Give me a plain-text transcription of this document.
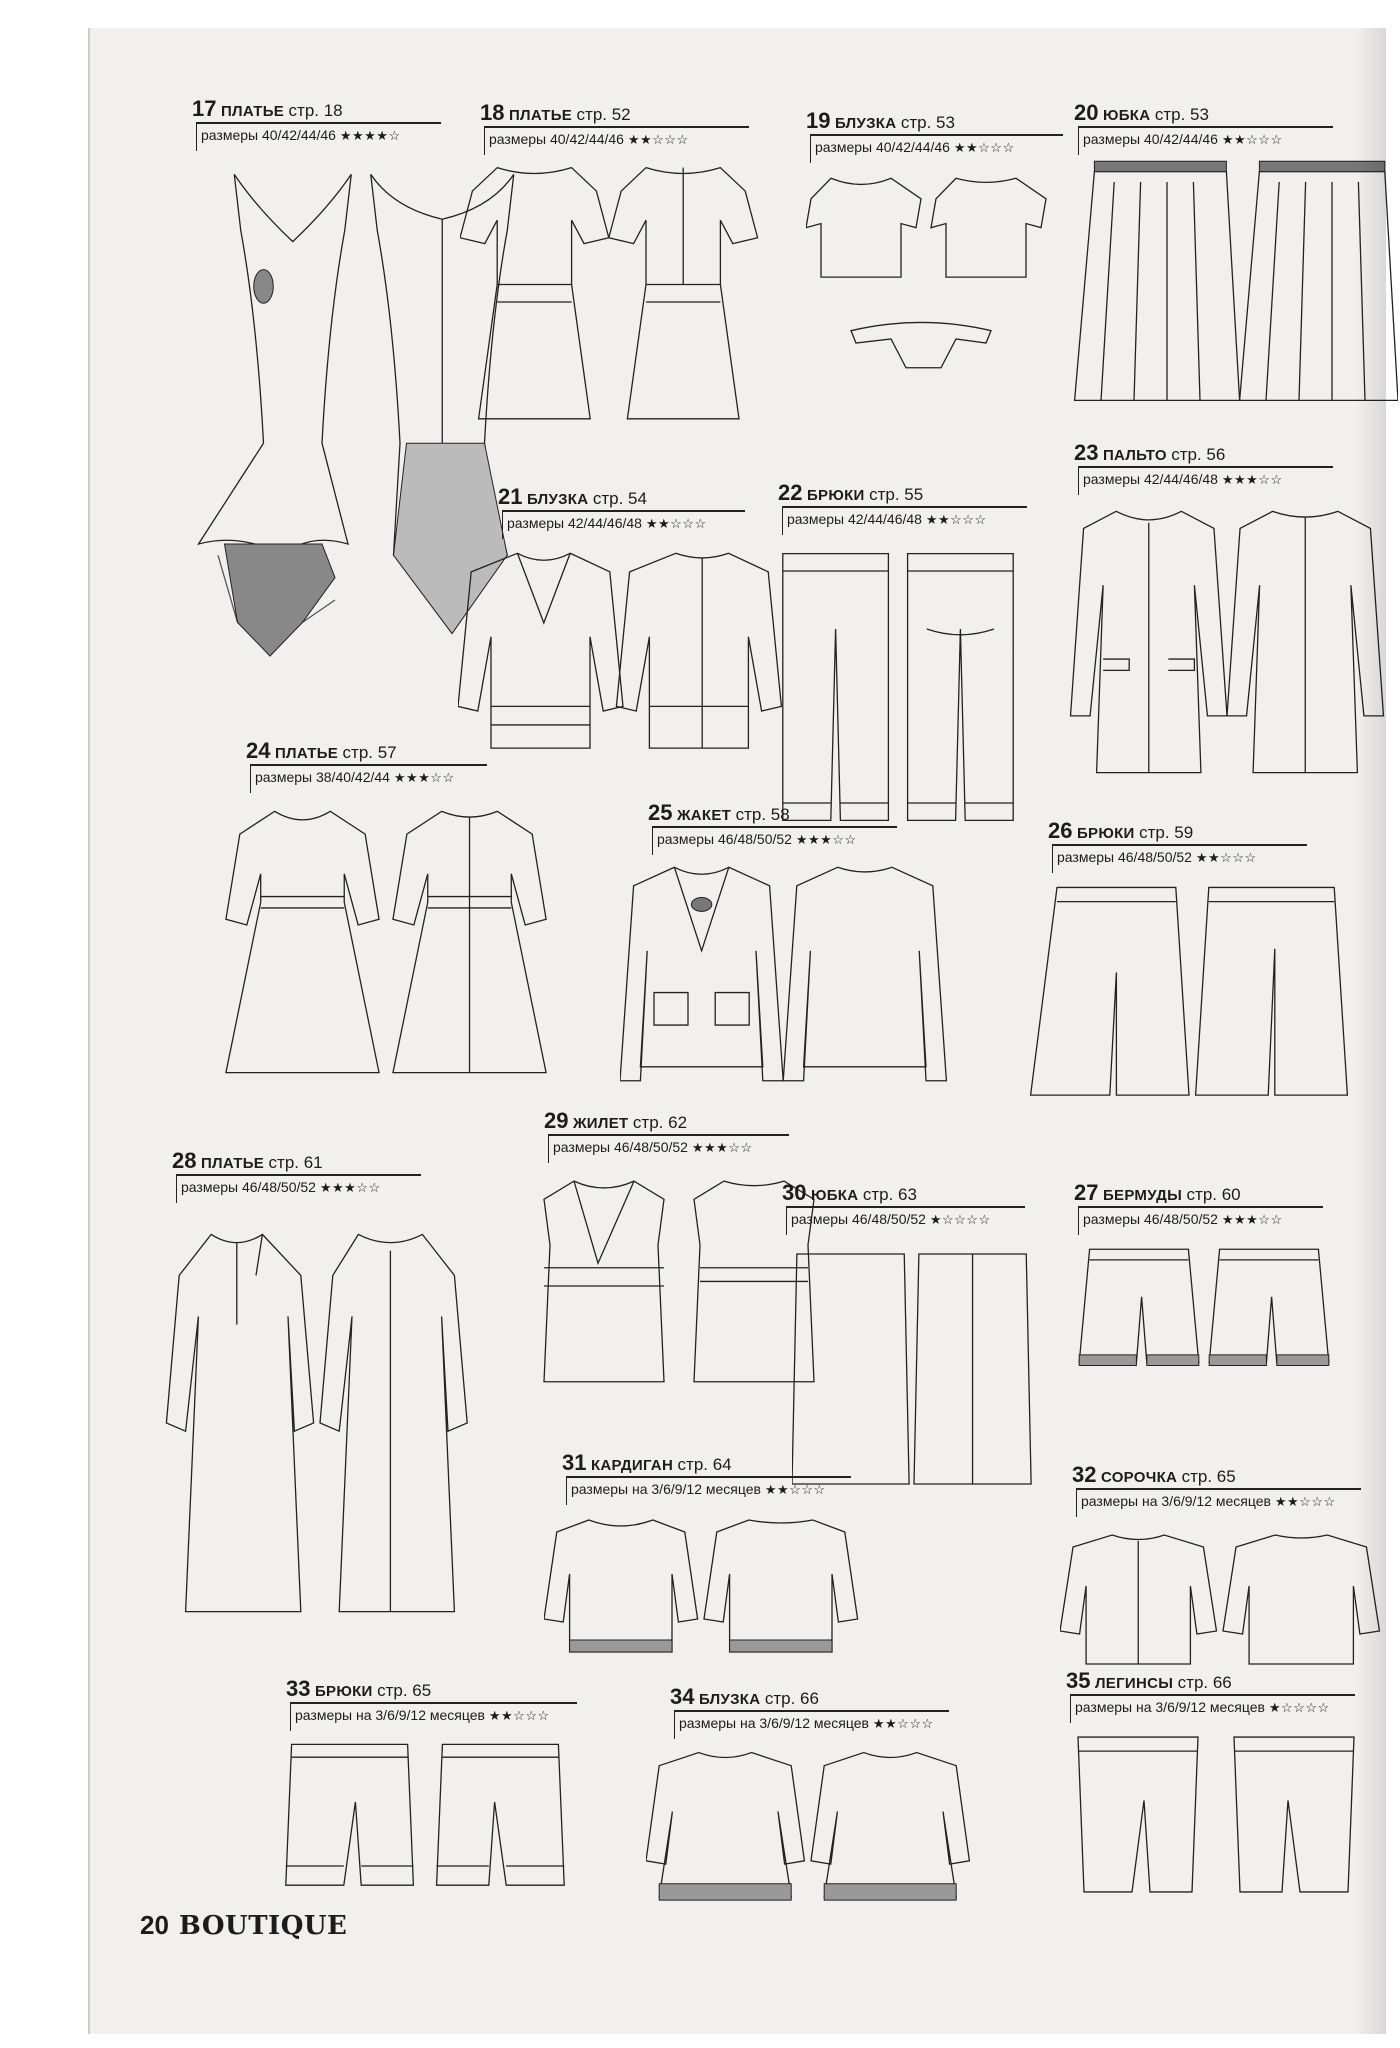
17 ПЛАТЬЕ стр. 18
размеры 40/42/44/46 ★★★★☆
18 ПЛАТЬЕ стр. 52
размеры 40/42/44/46 ★★☆☆☆
19 БЛУЗКА стр. 53
размеры 40/42/44/46 ★★☆☆☆
20 ЮБКА стр. 53
размеры 40/42/44/46 ★★☆☆☆
21 БЛУЗКА стр. 54
размеры 42/44/46/48 ★★☆☆☆
22 БРЮКИ стр. 55
размеры 42/44/46/48 ★★☆☆☆
23 ПАЛЬТО стр. 56
размеры 42/44/46/48 ★★★☆☆
24 ПЛАТЬЕ стр. 57
размеры 38/40/42/44 ★★★☆☆
25 ЖАКЕТ стр. 58
размеры 46/48/50/52 ★★★☆☆	26 БРЮКИ стр. 59
размеры 46/48/50/52 ★★☆☆☆
28 ПЛАТЬЕ стр. 61
размеры 46/48/50/52 ★★★☆☆
29 ЖИЛЕТ стр. 62
размеры 46/48/50/52 ★★★☆☆
30 ЮБКА стр. 63
размеры 46/48/50/52 ★☆☆☆☆
27 БЕРМУДЫ стр. 60
размеры 46/48/50/52 ★★★☆☆
31 КАРДИГАН стр. 64
размеры на 3/6/9/12 месяцев ★★☆☆☆
32 СОРОЧКА стр. 65
размеры на 3/6/9/12 месяцев ★★☆☆☆
33 БРЮКИ стр. 65
размеры на 3/6/9/12 месяцев ★★☆☆☆
34 БЛУЗКА стр. 66
размеры на 3/6/9/12 месяцев ★★☆☆☆
35 ЛЕГИНСЫ стр. 66
размеры на 3/6/9/12 месяцев ★☆☆☆☆
20 BOUTIQUE
